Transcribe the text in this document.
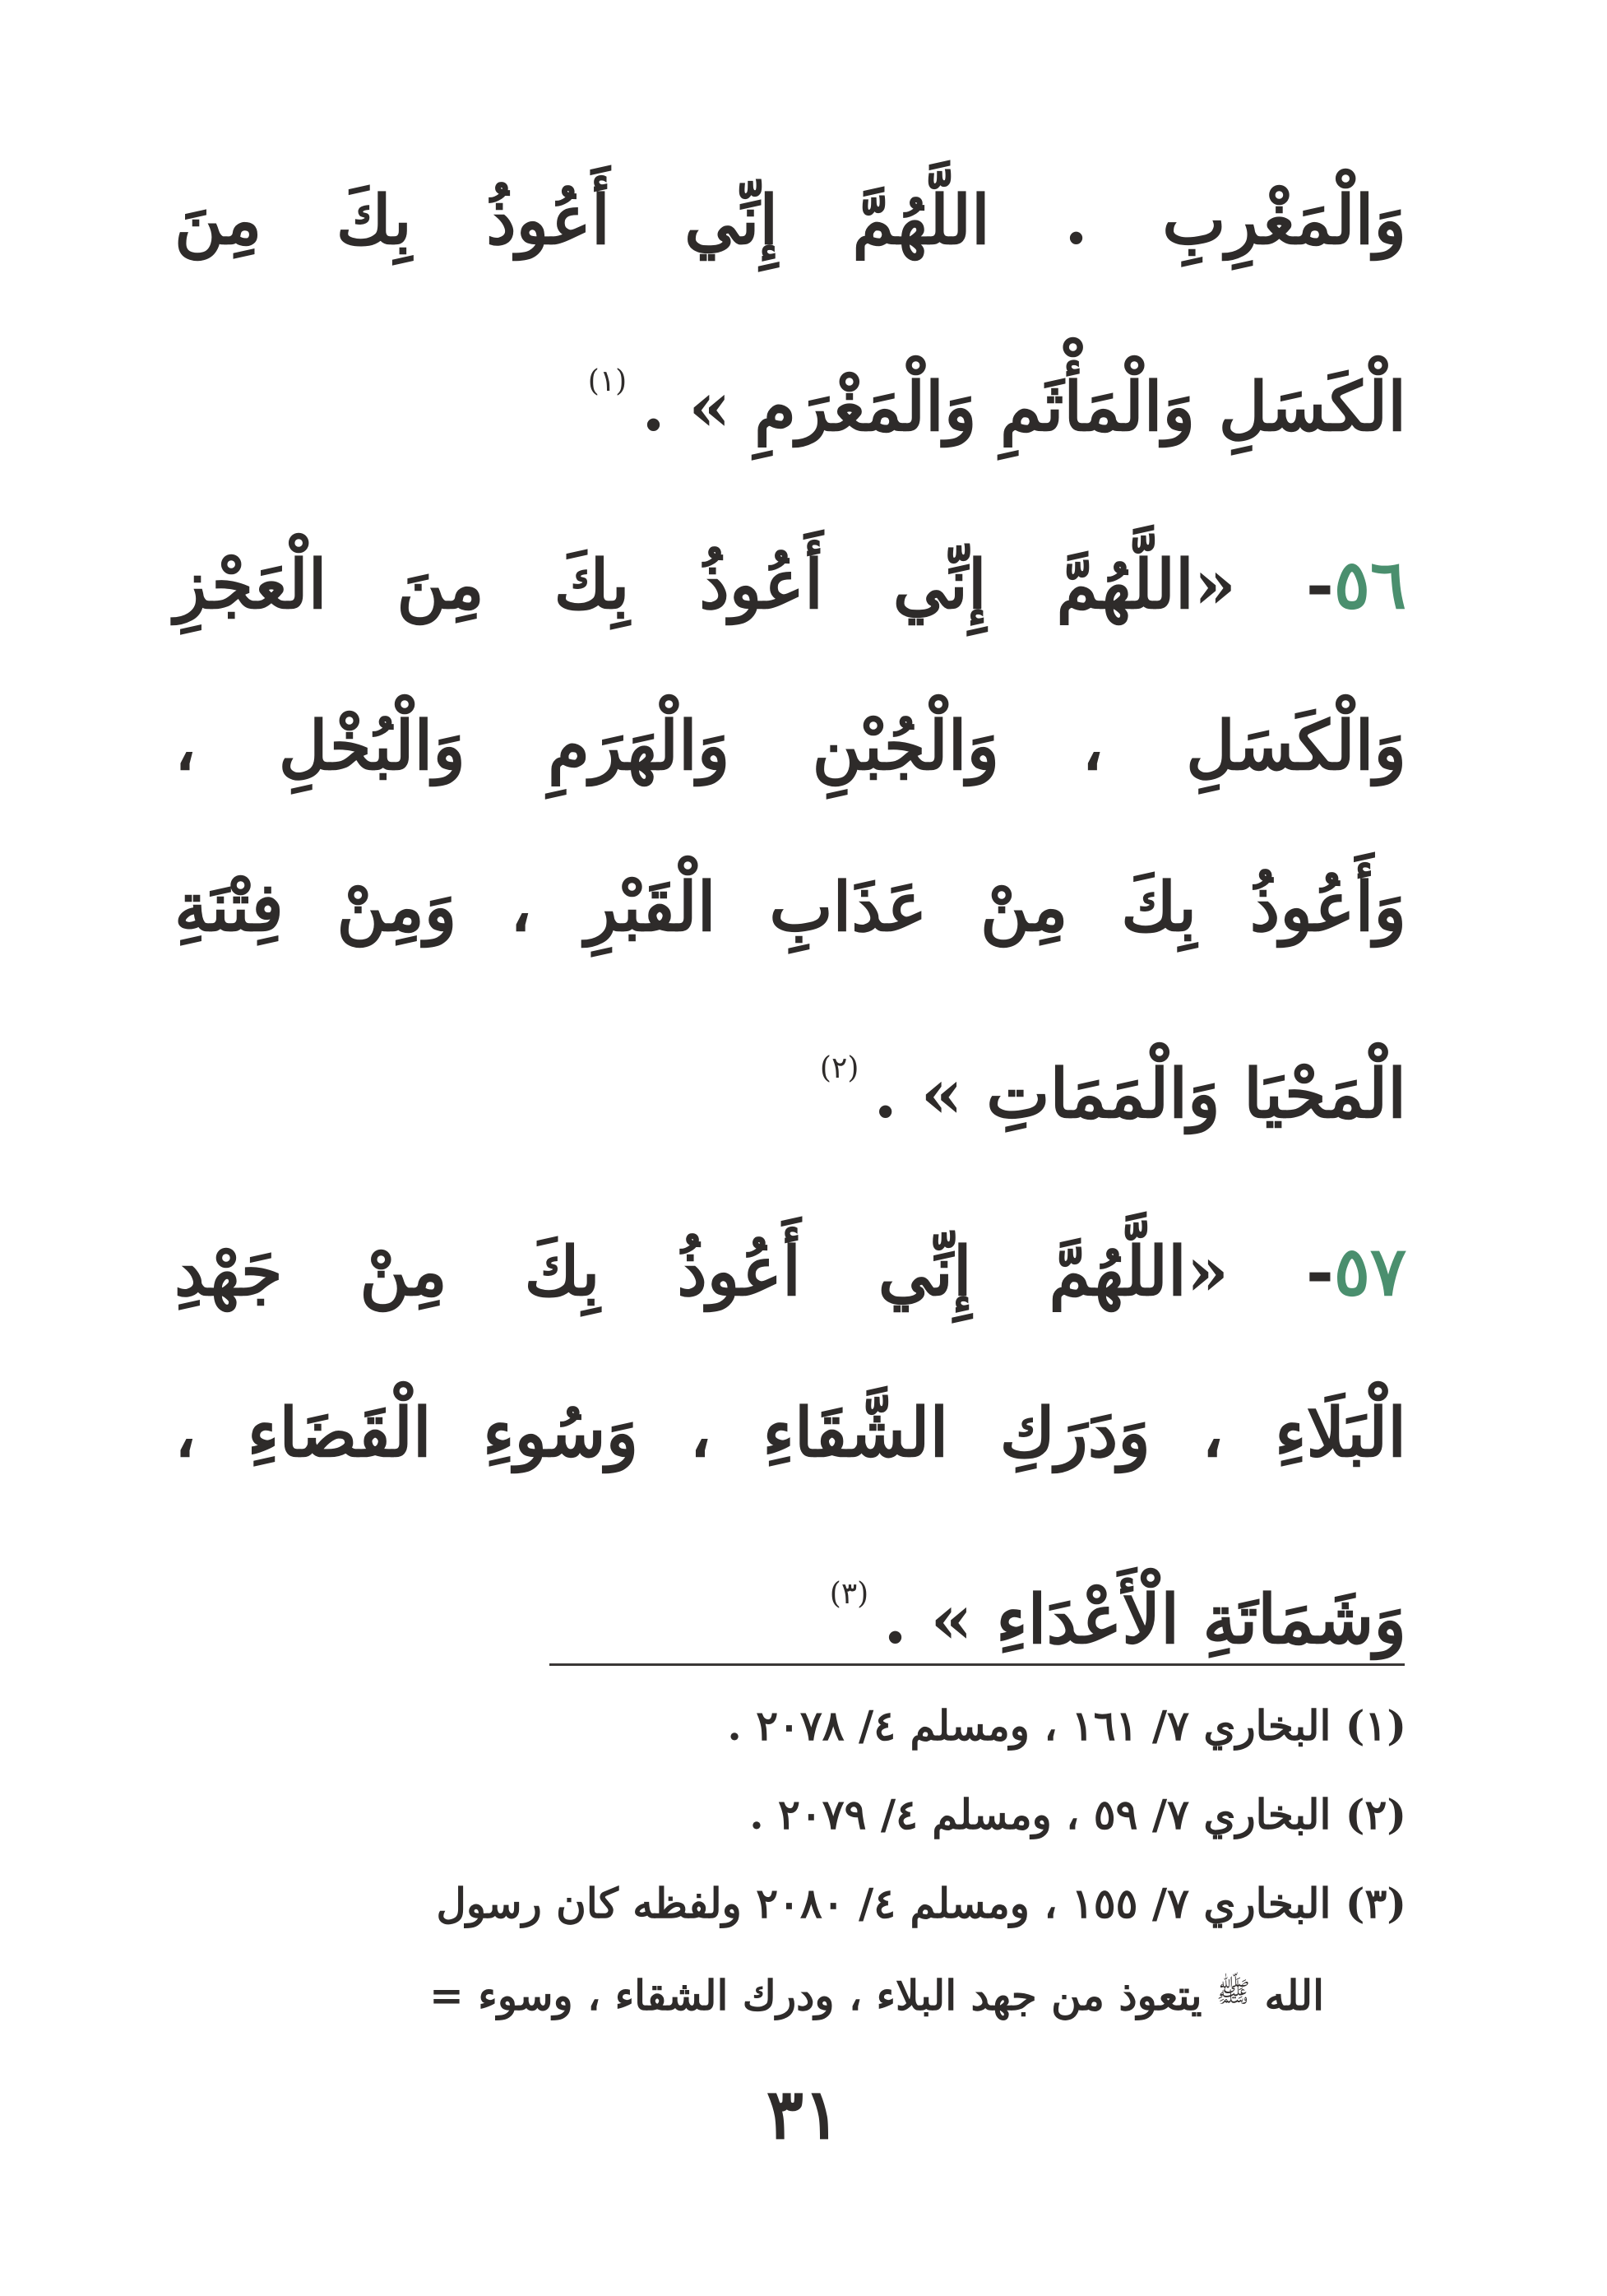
وَالْمَغْرِبِ . اللَّهُمَّ إِنِّي أَعُوذُ بِكَ مِنَ
الْكَسَلِ وَالْمَأْثَمِ وَالْمَغْرَمِ » .$^{(١)}$

٥٦- «اللَّهُمَّ إِنِّي أَعُوذُ بِكَ مِنَ الْعَجْزِ
وَالْكَسَلِ ، وَالْجُبْنِ وَالْهَرَمِ وَالْبُخْلِ ،
وَأَعُوذُ بِكَ مِنْ عَذَابِ الْقَبْرِ ، وَمِنْ فِتْنَةِ
الْمَحْيَا وَالْمَمَاتِ » .$^{(٢)}$

٥٧- «اللَّهُمَّ إِنِّي أَعُوذُ بِكَ مِنْ جَهْدِ
الْبَلَاءِ ، وَدَرَكِ الشَّقَاءِ ، وَسُوءِ الْقَضَاءِ ،
وَشَمَاتَةِ الْأَعْدَاءِ » .$^{(٣)}$

(١) البخاري ٧/ ١٦١ ، ومسلم ٤/ ٢٠٧٨ .

(٢) البخاري ٧/ ٥٩ ، ومسلم ٤/ ٢٠٧٩ .

(٣) البخاري ٧/ ١٥٥ ، ومسلم ٤/ ٢٠٨٠ ولفظه كان رسول

الله $^ﷺ$ يتعوذ من جهد البلاء ، ودرك الشقاء ، وسوء =

٣١
